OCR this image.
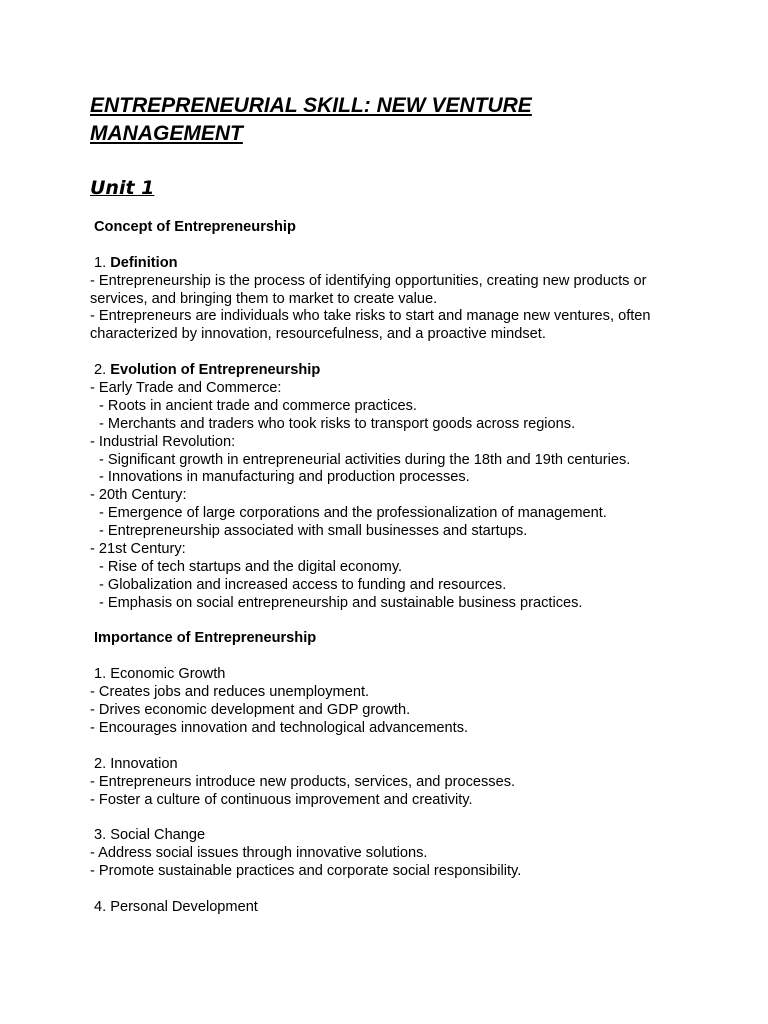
ENTREPRENEURIAL SKILL: NEW VENTURE
MANAGEMENT
Unit 1
Concept of Entrepreneurship
1. Definition
- Entrepreneurship is the process of identifying opportunities, creating new products or
services, and bringing them to market to create value.
- Entrepreneurs are individuals who take risks to start and manage new ventures, often
characterized by innovation, resourcefulness, and a proactive mindset.
2. Evolution of Entrepreneurship
- Early Trade and Commerce:
- Roots in ancient trade and commerce practices.
- Merchants and traders who took risks to transport goods across regions.
- Industrial Revolution:
- Significant growth in entrepreneurial activities during the 18th and 19th centuries.
- Innovations in manufacturing and production processes.
- 20th Century:
- Emergence of large corporations and the professionalization of management.
- Entrepreneurship associated with small businesses and startups.
- 21st Century:
- Rise of tech startups and the digital economy.
- Globalization and increased access to funding and resources.
- Emphasis on social entrepreneurship and sustainable business practices.
Importance of Entrepreneurship
1. Economic Growth
- Creates jobs and reduces unemployment.
- Drives economic development and GDP growth.
- Encourages innovation and technological advancements.
2. Innovation
- Entrepreneurs introduce new products, services, and processes.
- Foster a culture of continuous improvement and creativity.
3. Social Change
- Address social issues through innovative solutions.
- Promote sustainable practices and corporate social responsibility.
4. Personal Development
